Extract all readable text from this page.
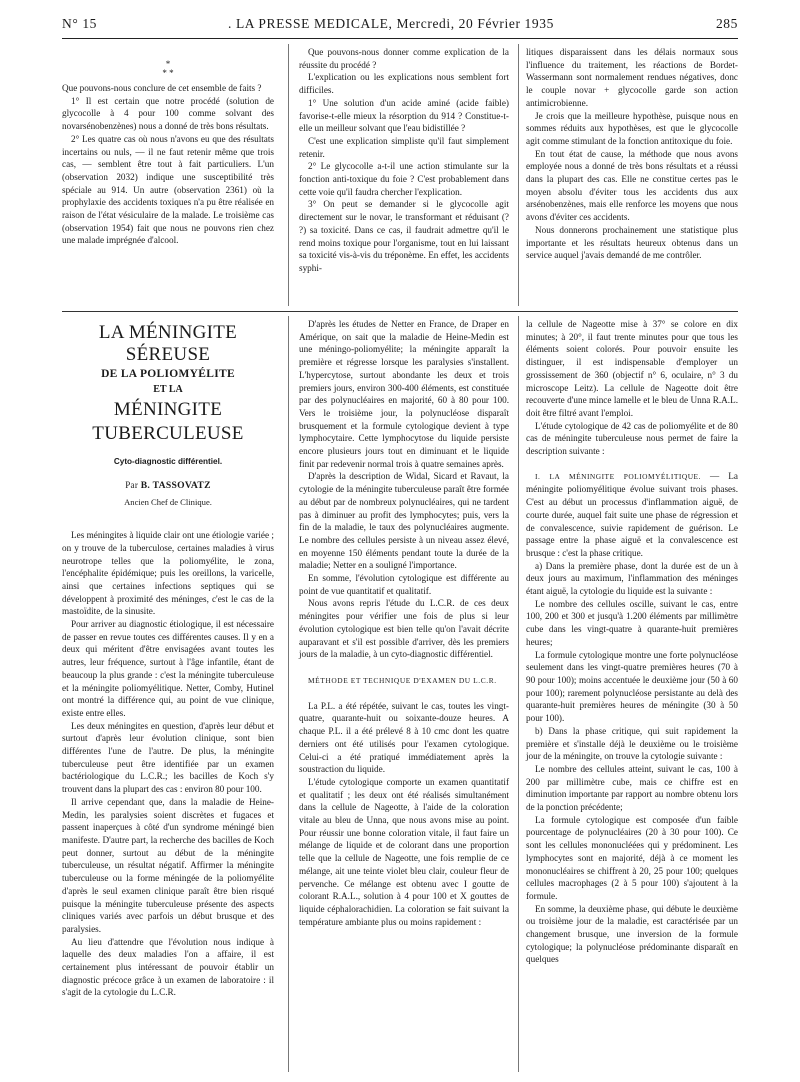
N° 15	. LA PRESSE MEDICALE, Mercredi, 20 Février 1935	285
*
* *

Que pouvons-nous conclure de cet ensemble de faits ?

1° Il est certain que notre procédé (solution de glycocolle à 4 pour 100 comme solvant des novarsénobenzènes) nous a donné de très bons résultats.

2° Les quatre cas où nous n'avons eu que des résultats incertains ou nuls, — il ne faut retenir même que trois cas, — semblent être tout à fait particuliers. L'un (observation 2032) indique une susceptibilité très spéciale au 914. Un autre (observation 2361) où la prophylaxie des accidents toxiques n'a pu être réalisée en raison de l'état vésiculaire de la malade. Le troisième cas (observation 1954) fait que nous ne pouvons rien chez une malade imprégnée d'alcool.

Que pouvons-nous donner comme explication de la réussite du procédé ?

L'explication ou les explications nous semblent fort difficiles.

1° Une solution d'un acide aminé (acide faible) favorise-t-elle mieux la résorption du 914 ? Constitue-t-elle un meilleur solvant que l'eau bidistillée ?

C'est une explication simpliste qu'il faut simplement retenir.

2° Le glycocolle a-t-il une action stimulante sur la fonction anti-toxique du foie ? C'est probablement dans cette voie qu'il faudra chercher l'explication.

3° On peut se demander si le glycocolle agit directement sur le novar, le transformant et réduisant (? ?) sa toxicité. Dans ce cas, il faudrait admettre qu'il le rend moins toxique pour l'organisme, tout en lui laissant sa toxicité vis-à-vis du tréponème. En effet, les accidents syphi-

litiques disparaissent dans les délais normaux sous l'influence du traitement, les réactions de Bordet-Wassermann sont normalement rendues négatives, donc le couple novar + glycocolle garde son action antimicrobienne.

Je crois que la meilleure hypothèse, puisque nous en sommes réduits aux hypothèses, est que le glycocolle agit comme stimulant de la fonction antitoxique du foie.

En tout état de cause, la méthode que nous avons employée nous a donné de très bons résultats et a réussi dans la plupart des cas. Elle ne constitue certes pas le moyen absolu d'éviter tous les accidents dus aux arsénobenzènes, mais elle renforce les moyens que nous avons d'éviter ces accidents.

Nous donnerons prochainement une statistique plus importante et les résultats heureux obtenus dans un service auquel j'avais demandé de me contrôler.

LA MÉNINGITE SÉREUSE
DE LA POLIOMYÉLITE
ET LA
MÉNINGITE TUBERCULEUSE
Cyto-diagnostic différentiel.
Par B. TASSOVATZ
Ancien Chef de Clinique.

Les méningites à liquide clair ont une étiologie variée ; on y trouve de la tuberculose, certaines maladies à virus neurotrope telles que la poliomyélite, le zona, l'encéphalite épidémique; puis les oreillons, la varicelle, ainsi que certaines infections septiques qui se développent à proximité des méninges, c'est le cas de la mastoïdite, de la sinusite.

Pour arriver au diagnostic étiologique, il est nécessaire de passer en revue toutes ces différentes causes. Il y en a deux qui méritent d'être envisagées avant toutes les autres, leur fréquence, surtout à l'âge infantile, étant de beaucoup la plus grande : c'est la méningite tuberculeuse et la méningite poliomyélitique. Netter, Comby, Hutinel ont montré la différence qui, au point de vue clinique, existe entre elles.

Les deux méningites en question, d'après leur début et surtout d'après leur évolution clinique, sont bien différentes l'une de l'autre. De plus, la méningite tuberculeuse peut être identifiée par un examen bactériologique du L.C.R.; les bacilles de Koch s'y trouvent dans la plupart des cas : environ 80 pour 100.

Il arrive cependant que, dans la maladie de Heine-Medin, les paralysies soient discrètes et fugaces et passent inaperçues à côté d'un syndrome méningé bien manifeste. D'autre part, la recherche des bacilles de Koch peut donner, surtout au début de la méningite tuberculeuse, un résultat négatif. Affirmer la méningite tuberculeuse ou la forme méningée de la poliomyélite d'après le seul examen clinique paraît être bien risqué puisque la méningite tuberculeuse présente des aspects cliniques variés avec parfois un début brusque et des paralysies.

Au lieu d'attendre que l'évolution nous indique à laquelle des deux maladies l'on a affaire, il est certainement plus intéressant de pouvoir établir un diagnostic précoce grâce à un examen de laboratoire : il s'agit de la cytologie du L.C.R.

D'après les études de Netter en France, de Draper en Amérique, on sait que la maladie de Heine-Medin est une méningo-poliomyélite; la méningite apparaît la première et régresse lorsque les paralysies s'installent. L'hypercytose, surtout abondante les deux et trois premiers jours, environ 300-400 éléments, est constituée par des polynucléaires en majorité, 60 à 80 pour 100. Vers le troisième jour, la polynucléose disparaît brusquement et la formule cytologique devient à type lymphocytaire. Cette lymphocytose du liquide persiste encore plusieurs jours tout en diminuant et le liquide finit par redevenir normal trois à quatre semaines après.

D'après la description de Widal, Sicard et Ravaut, la cytologie de la méningite tuberculeuse paraît être formée au début par de nombreux polynucléaires, qui ne tardent pas à diminuer au profit des lymphocytes; puis, vers la fin de la maladie, le taux des polynucléaires augmente. Le nombre des cellules persiste à un niveau assez élevé, en moyenne 150 éléments pendant toute la durée de la maladie; Netter en a souligné l'importance.

En somme, l'évolution cytologique est différente au point de vue quantitatif et qualitatif.

Nous avons repris l'étude du L.C.R. de ces deux méningites pour vérifier une fois de plus si leur évolution cytologique est bien telle qu'on l'avait décrite auparavant et s'il est possible d'arriver, dès les premiers jours de la maladie, à un cyto-diagnostic différentiel.

MÉTHODE ET TECHNIQUE D'EXAMEN DU L.C.R.

La P.L. a été répétée, suivant le cas, toutes les vingt-quatre, quarante-huit ou soixante-douze heures. A chaque P.L. il a été prélevé 8 à 10 cmc dont les quatre derniers ont été utilisés pour l'examen cytologique. Celui-ci a été pratiqué immédiatement après la soustraction du liquide.

L'étude cytologique comporte un examen quantitatif et qualitatif ; les deux ont été réalisés simultanément dans la cellule de Nageotte, à l'aide de la coloration vitale au bleu de Unna, que nous avons mise au point. Pour réussir une bonne coloration vitale, il faut faire un mélange de liquide et de colorant dans une proportion telle que la cellule de Nageotte, une fois remplie de ce mélange, ait une teinte violet bleu clair, couleur fleur de pervenche. Ce mélange est obtenu avec I goutte de colorant R.A.L., solution à 4 pour 100 et X gouttes de liquide céphalorachidien. La coloration se fait suivant la température ambiante plus ou moins rapidement :

la cellule de Nageotte mise à 37° se colore en dix minutes; à 20°, il faut trente minutes pour que tous les éléments soient colorés. Pour pouvoir ensuite les distinguer, il est indispensable d'employer un grossissement de 360 (objectif n° 6, oculaire, n° 3 du microscope Leitz). La cellule de Nageotte doit être recouverte d'une mince lamelle et le bleu de Unna R.A.L. doit être filtré avant l'emploi.

L'étude cytologique de 42 cas de poliomyélite et de 80 cas de méningite tuberculeuse nous permet de faire la description suivante :

I. LA MÉNINGITE POLIOMYÉLITIQUE. — La méningite poliomyélitique évolue suivant trois phases. C'est au début un processus d'inflammation aiguë, de courte durée, auquel fait suite une phase de régression et de convalescence, suivie rapidement de guérison. Le passage entre la phase aiguë et la convalescence est brusque : c'est la phase critique.

a) Dans la première phase, dont la durée est de un à deux jours au maximum, l'inflammation des méninges étant aiguë, la cytologie du liquide est la suivante :

Le nombre des cellules oscille, suivant le cas, entre 100, 200 et 300 et jusqu'à 1.200 éléments par millimètre cube dans les vingt-quatre à quarante-huit premières heures;

La formule cytologique montre une forte polynucléose seulement dans les vingt-quatre premières heures (70 à 90 pour 100); moins accentuée le deuxième jour (50 à 60 pour 100); rarement polynucléose persistante au delà des quarante-huit premières heures de méningite (30 à 50 pour 100).

b) Dans la phase critique, qui suit rapidement la première et s'installe déjà le deuxième ou le troisième jour de la méningite, on trouve la cytologie suivante :

Le nombre des cellules atteint, suivant le cas, 100 à 200 par millimètre cube, mais ce chiffre est en diminution importante par rapport au nombre obtenu lors de la ponction précédente;

La formule cytologique est composée d'un faible pourcentage de polynucléaires (20 à 30 pour 100). Ce sont les cellules mononucléées qui y prédominent. Les lymphocytes sont en majorité, déjà à ce moment les mononucléaires se chiffrent à 20, 25 pour 100; quelques cellules macrophages (2 à 5 pour 100) s'ajoutent à la formule.

En somme, la deuxième phase, qui débute le deuxième ou troisième jour de la maladie, est caractérisée par un changement brusque, une inversion de la formule cytologique; la polynucléose prédominante disparaît en quelques
